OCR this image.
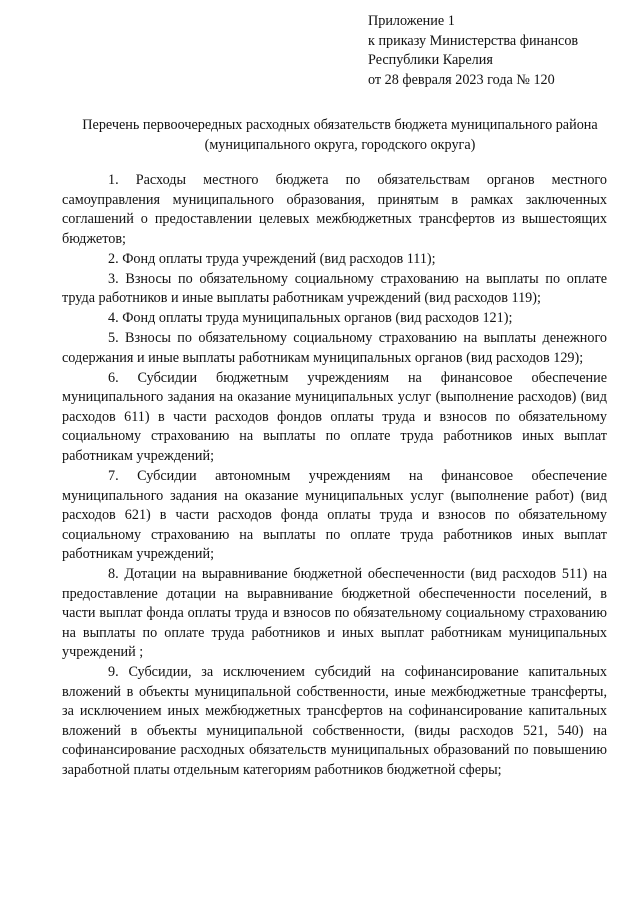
Приложение 1
к приказу Министерства финансов
Республики Карелия
от 28 февраля 2023 года № 120
Перечень первоочередных расходных обязательств бюджета муниципального района (муниципального округа, городского округа)

1. Расходы местного бюджета по обязательствам органов местного самоуправления муниципального образования, принятым в рамках заключенных соглашений о предоставлении целевых межбюджетных трансфертов из вышестоящих бюджетов;

2. Фонд оплаты труда учреждений (вид расходов 111);

3. Взносы по обязательному социальному страхованию на выплаты по оплате труда работников и иные выплаты работникам учреждений (вид расходов 119);

4. Фонд оплаты труда муниципальных органов (вид расходов 121);

5. Взносы по обязательному социальному страхованию на выплаты денежного содержания и иные выплаты работникам муниципальных органов (вид расходов 129);

6. Субсидии бюджетным учреждениям на финансовое обеспечение муниципального задания на оказание муниципальных услуг (выполнение расходов) (вид расходов 611) в части расходов фондов оплаты труда и взносов по обязательному социальному страхованию на выплаты по оплате труда работников иных выплат работникам учреждений;

7. Субсидии автономным учреждениям на финансовое обеспечение муниципального задания на оказание муниципальных услуг (выполнение работ) (вид расходов 621) в части расходов фонда оплаты труда и взносов по обязательному социальному страхованию на выплаты по оплате труда работников иных выплат работникам учреждений;

8. Дотации на выравнивание бюджетной обеспеченности (вид расходов 511) на предоставление дотации на выравнивание бюджетной обеспеченности поселений, в части выплат фонда оплаты труда и взносов по обязательному социальному страхованию на выплаты по оплате труда работников и иных выплат работникам муниципальных учреждений ;

9. Субсидии, за исключением субсидий на софинансирование капитальных вложений в объекты муниципальной собственности, иные межбюджетные трансферты, за исключением иных межбюджетных трансфертов на софинансирование капитальных вложений в объекты муниципальной собственности, (виды расходов 521, 540) на софинансирование расходных обязательств муниципальных образований по повышению заработной платы отдельным категориям работников бюджетной сферы;
